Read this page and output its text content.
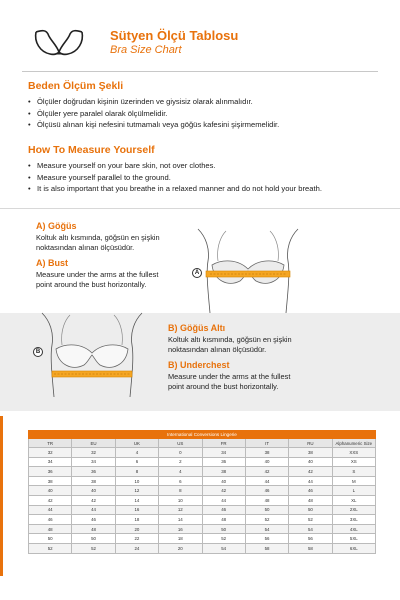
Sütyen Ölçü Tablosu
Bra Size Chart
Beden Ölçüm Şekli
• Ölçüler doğrudan kişinin üzerinden ve giysisiz olarak alınmalıdır.
• Ölçüler yere paralel olarak ölçülmelidir.
• Ölçüsü alınan kişi nefesini tutmamalı veya göğüs kafesini şişirmemelidir.
How To Measure Yourself
• Measure yourself on your bare skin, not over clothes.
• Measure yourself parallel to the ground.
• It is also important that you breathe in a relaxed manner and do not hold your breath.
A) Göğüs
Koltuk altı kısmında, göğsün en şişkin
noktasından alınan ölçüsüdür.
A) Bust
Measure under the arms at the fullest
point around the bust horizontally.
A
B
B) Göğüs Altı
Koltuk altı kısmında, göğsün en şişkin
noktasından alınan ölçüsüdür.
B) Underchest
Measure under the arms at the fullest
point around the bust horizontally.
International Conversions Lingerie							
TR	EU	UK	US	FR	IT	RU	Alphanumeric Size
32	32	4	0	34	38	38	XXS
34	34	6	2	36	40	40	XS
36	36	8	4	38	42	42	S
38	38	10	6	40	44	44	M
40	40	12	8	42	46	46	L
42	42	14	10	44	48	48	XL
44	44	16	12	46	50	50	2XL
46	46	18	14	48	52	52	3XL
48	48	20	16	50	54	54	4XL
50	50	22	18	52	56	56	5XL
52	52	24	20	54	58	58	6XL
